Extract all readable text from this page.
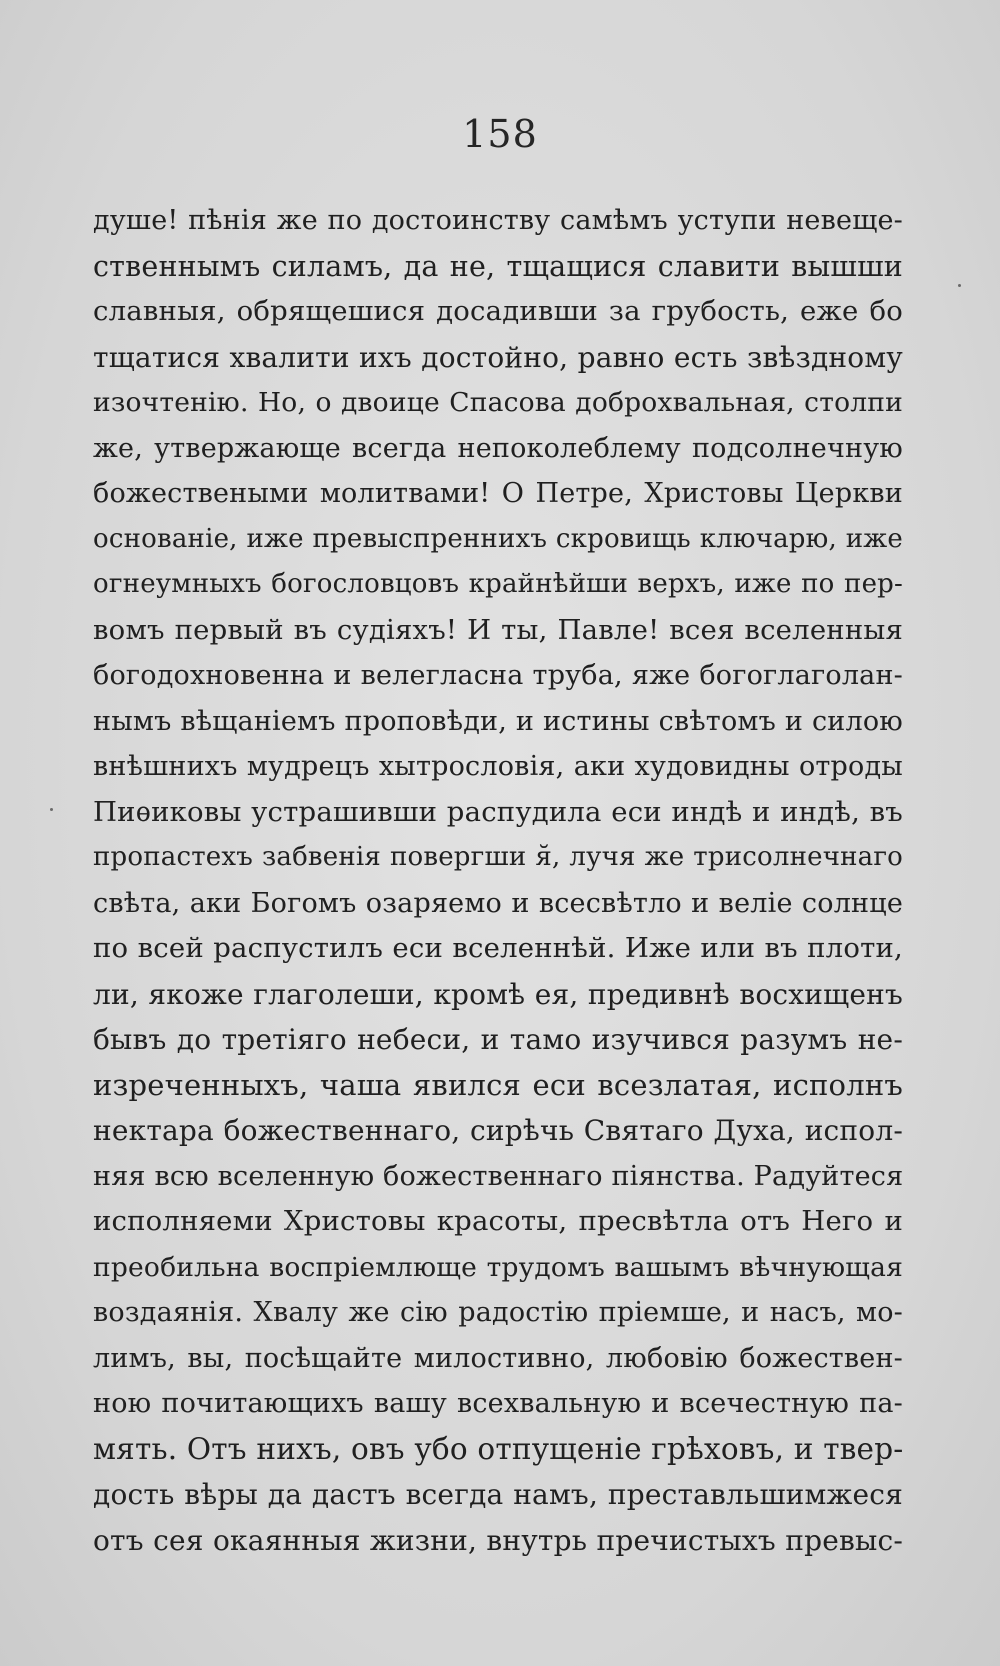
158
душе! пѣнія же по достоинству самѣмъ уступи невеще-
ственнымъ силамъ, да не, тщащися славити вышши
славныя, обрящешися досадивши за грубость, еже бо
тщатися хвалити ихъ достойно, равно есть звѣздному
изочтенію. Но, о двоице Спасова доброхвальная, столпи
же, утвержающе всегда непоколеблему подсолнечную
божествеными молитвами! О Петре, Христовы Церкви
основаніе, иже превыспреннихъ скровищь ключарю, иже
огнеумныхъ богословцовъ крайнѣйши верхъ, иже по пер-
вомъ первый въ судіяхъ! И ты, Павле! всея вселенныя
богодохновенна и велегласна труба, яже богоглаголан-
нымъ вѣщаніемъ проповѣди, и истины свѣтомъ и силою
внѣшнихъ мудрецъ хытрословія, аки худовидны отроды
Пиѳиковы устрашивши распудила еси индѣ и индѣ, въ
пропастехъ забвенія повергши я̆, лучя же трисолнечнаго
свѣта, аки Богомъ озаряемо и всесвѣтло и веліе солнце
по всей распустилъ еси вселеннѣй. Иже или въ плоти,
ли, якоже глаголеши, кромѣ ея, предивнѣ восхищенъ
бывъ до третіяго небеси, и тамо изучився разумъ не-
изреченныхъ, чаша явился еси всезлатая, исполнъ
нектара божественнаго, сирѣчь Святаго Духа, испол-
няя всю вселенную божественнаго піянства. Радуйтеся
исполняеми Христовы красоты, пресвѣтла отъ Него и
преобильна воспріемлюще трудомъ вашымъ вѣчнующая
воздаянія. Хвалу же сію радостію пріемше, и насъ, мо-
лимъ, вы, посѣщайте милостивно, любовію божествен-
ною почитающихъ вашу всехвальную и всечестную па-
мять. Отъ нихъ, овъ убо отпущеніе грѣховъ, и твер-
дость вѣры да дастъ всегда намъ, преставльшимжеся
отъ сея окаянныя жизни, внутрь пречистыхъ превыс-
